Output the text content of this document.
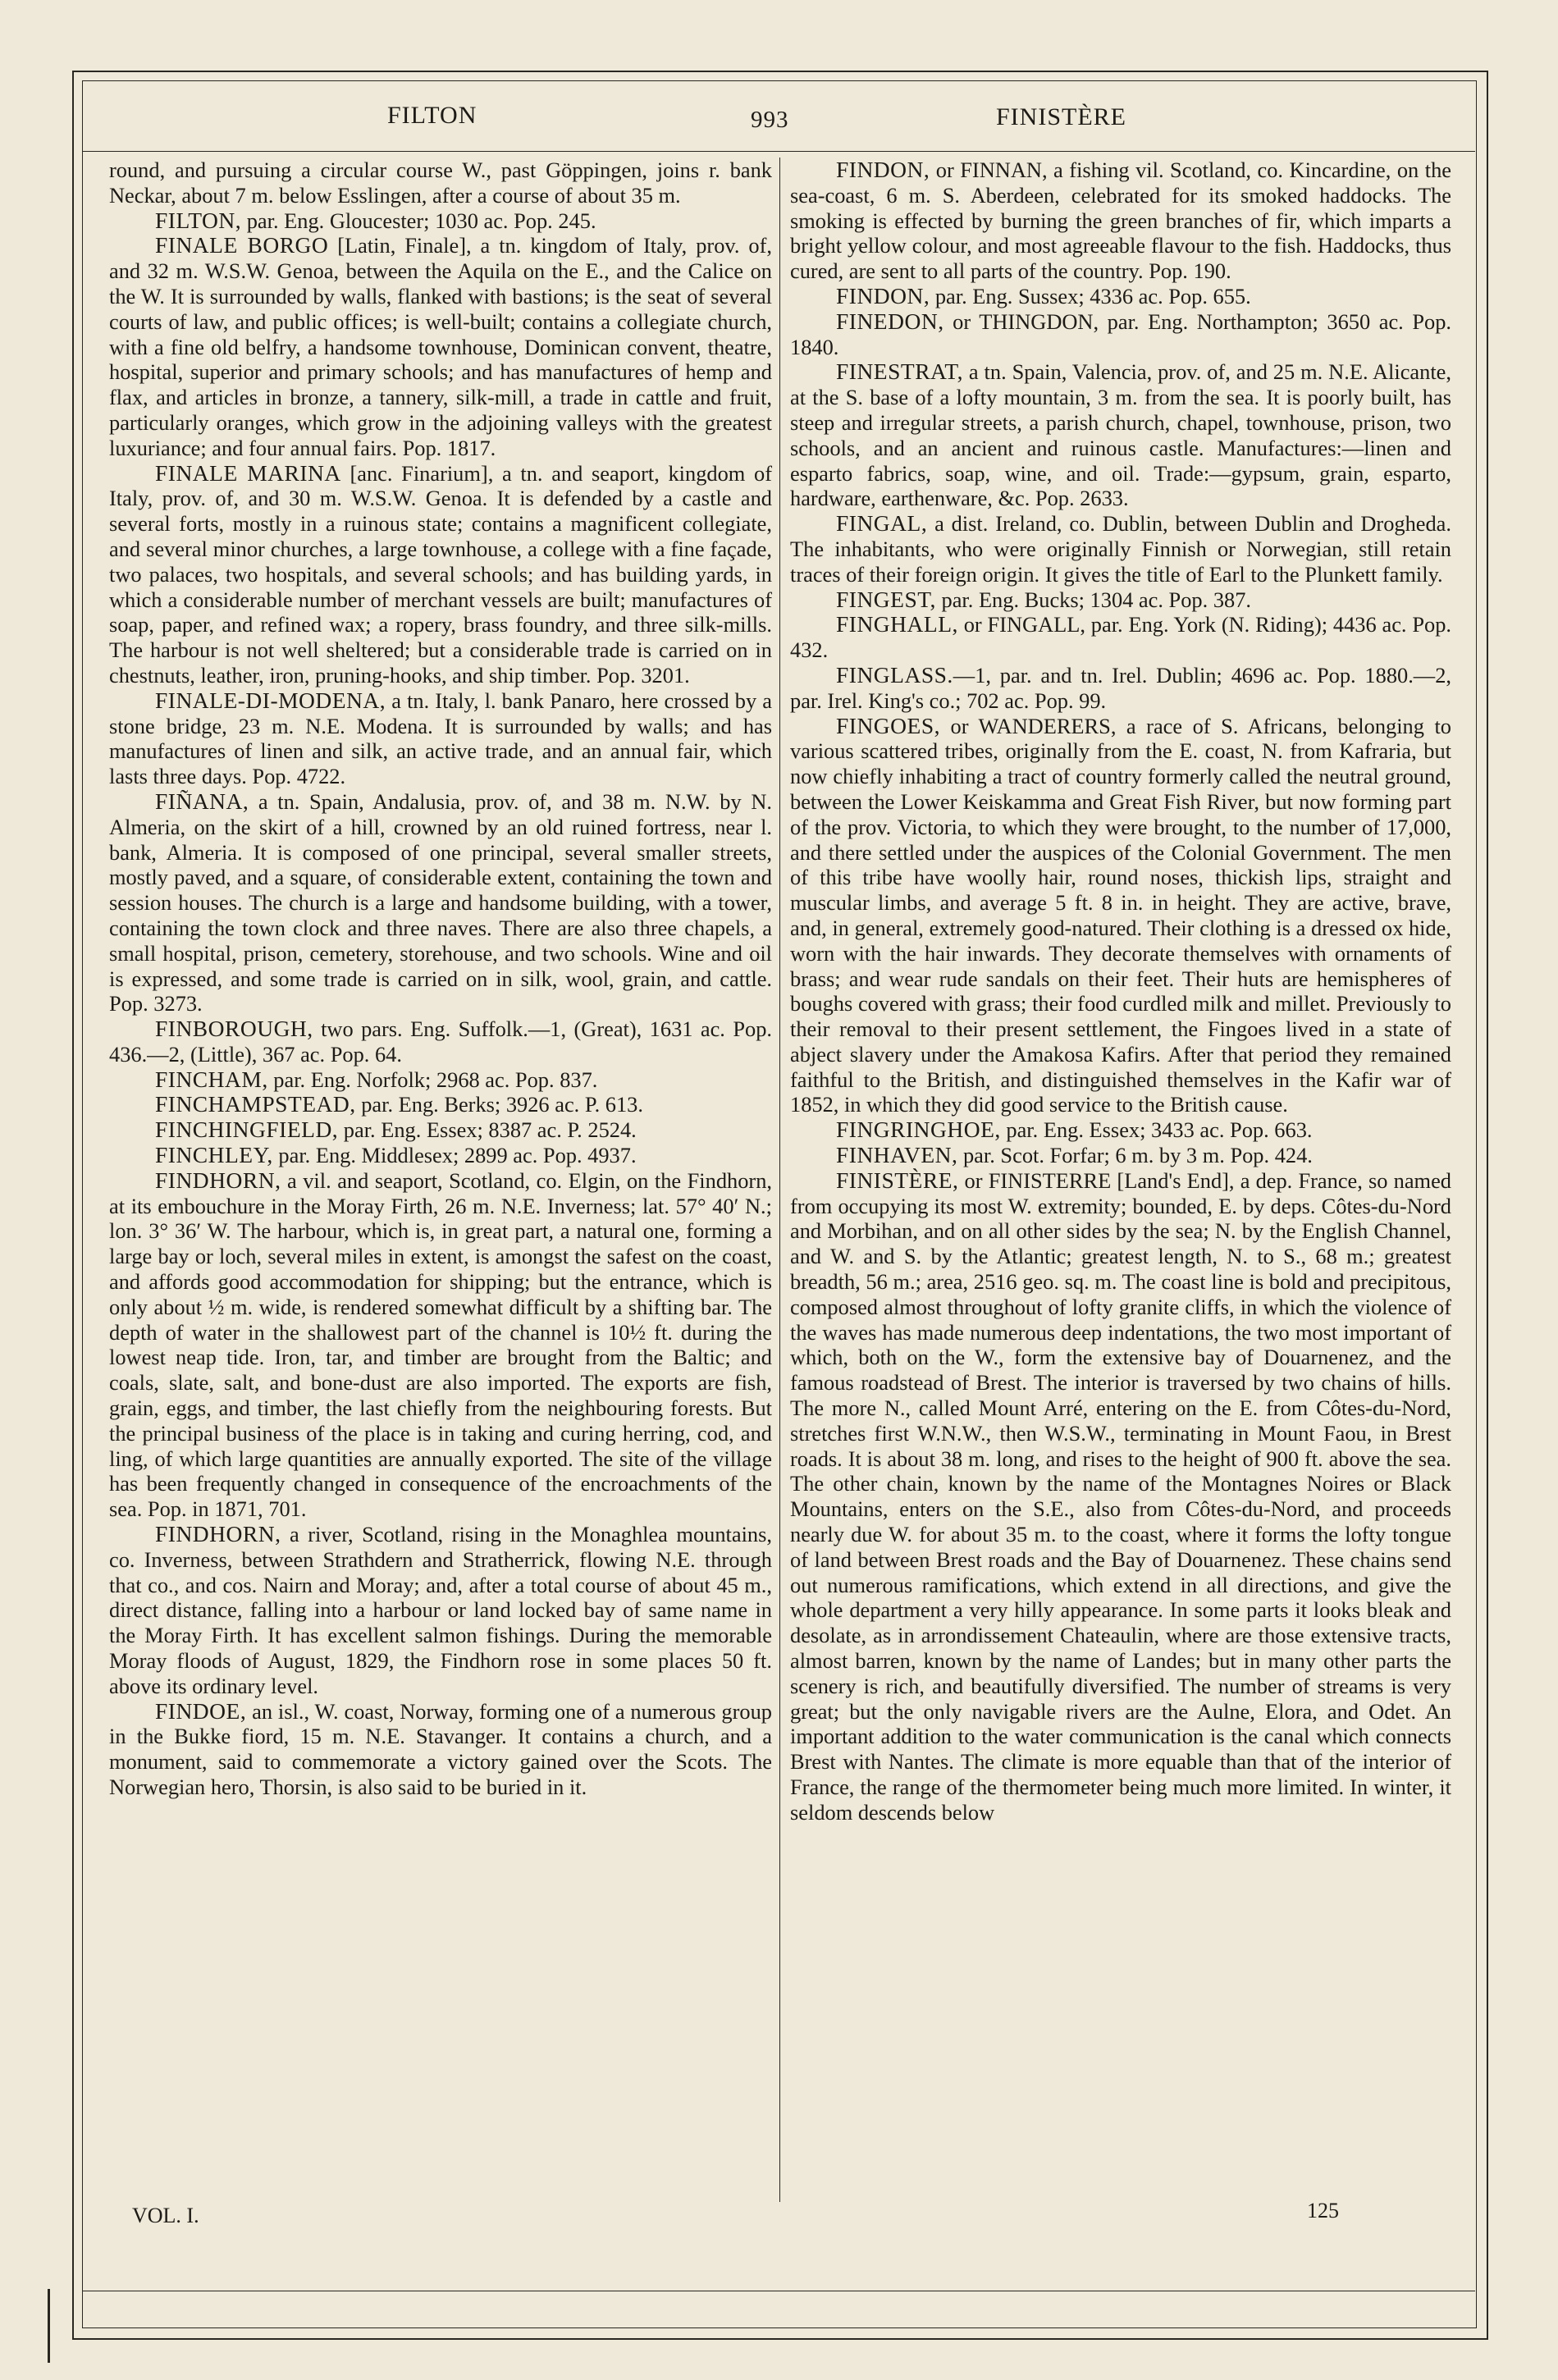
FILTON	993	FINISTÈRE

round, and pursuing a circular course W., past Göppingen, joins r. bank Neckar, about 7 m. below Esslingen, after a course of about 35 m.

FILTON, par. Eng. Gloucester; 1030 ac. Pop. 245.

FINALE BORGO [Latin, Finale], a tn. kingdom of Italy, prov. of, and 32 m. W.S.W. Genoa, between the Aquila on the E., and the Calice on the W. It is surrounded by walls, flanked with bastions; is the seat of several courts of law, and public offices; is well-built; contains a collegiate church, with a fine old belfry, a handsome townhouse, Dominican convent, theatre, hospital, superior and primary schools; and has manufactures of hemp and flax, and articles in bronze, a tannery, silk-mill, a trade in cattle and fruit, particularly oranges, which grow in the adjoining valleys with the greatest luxuriance; and four annual fairs. Pop. 1817.

FINALE MARINA [anc. Finarium], a tn. and seaport, kingdom of Italy, prov. of, and 30 m. W.S.W. Genoa. It is defended by a castle and several forts, mostly in a ruinous state; contains a magnificent collegiate, and several minor churches, a large townhouse, a college with a fine façade, two palaces, two hospitals, and several schools; and has building yards, in which a considerable number of merchant vessels are built; manufactures of soap, paper, and refined wax; a ropery, brass foundry, and three silk-mills. The harbour is not well sheltered; but a considerable trade is carried on in chestnuts, leather, iron, pruning-hooks, and ship timber. Pop. 3201.

FINALE-DI-MODENA, a tn. Italy, l. bank Panaro, here crossed by a stone bridge, 23 m. N.E. Modena. It is surrounded by walls; and has manufactures of linen and silk, an active trade, and an annual fair, which lasts three days. Pop. 4722.

FIÑANA, a tn. Spain, Andalusia, prov. of, and 38 m. N.W. by N. Almeria, on the skirt of a hill, crowned by an old ruined fortress, near l. bank, Almeria. It is composed of one principal, several smaller streets, mostly paved, and a square, of considerable extent, containing the town and session houses. The church is a large and handsome building, with a tower, containing the town clock and three naves. There are also three chapels, a small hospital, prison, cemetery, storehouse, and two schools. Wine and oil is expressed, and some trade is carried on in silk, wool, grain, and cattle. Pop. 3273.

FINBOROUGH, two pars. Eng. Suffolk.—1, (Great), 1631 ac. Pop. 436.—2, (Little), 367 ac. Pop. 64.

FINCHAM, par. Eng. Norfolk; 2968 ac. Pop. 837.

FINCHAMPSTEAD, par. Eng. Berks; 3926 ac. P. 613.

FINCHINGFIELD, par. Eng. Essex; 8387 ac. P. 2524.

FINCHLEY, par. Eng. Middlesex; 2899 ac. Pop. 4937.

FINDHORN, a vil. and seaport, Scotland, co. Elgin, on the Findhorn, at its embouchure in the Moray Firth, 26 m. N.E. Inverness; lat. 57° 40′ N.; lon. 3° 36′ W. The harbour, which is, in great part, a natural one, forming a large bay or loch, several miles in extent, is amongst the safest on the coast, and affords good accommodation for shipping; but the entrance, which is only about ½ m. wide, is rendered somewhat difficult by a shifting bar. The depth of water in the shallowest part of the channel is 10½ ft. during the lowest neap tide. Iron, tar, and timber are brought from the Baltic; and coals, slate, salt, and bone-dust are also imported. The exports are fish, grain, eggs, and timber, the last chiefly from the neighbouring forests. But the principal business of the place is in taking and curing herring, cod, and ling, of which large quantities are annually exported. The site of the village has been frequently changed in consequence of the encroachments of the sea. Pop. in 1871, 701.

FINDHORN, a river, Scotland, rising in the Monaghlea mountains, co. Inverness, between Strathdern and Stratherrick, flowing N.E. through that co., and cos. Nairn and Moray; and, after a total course of about 45 m., direct distance, falling into a harbour or land locked bay of same name in the Moray Firth. It has excellent salmon fishings. During the memorable Moray floods of August, 1829, the Findhorn rose in some places 50 ft. above its ordinary level.

FINDOE, an isl., W. coast, Norway, forming one of a numerous group in the Bukke fiord, 15 m. N.E. Stavanger. It contains a church, and a monument, said to commemorate a victory gained over the Scots. The Norwegian hero, Thorsin, is also said to be buried in it.

FINDON, or FINNAN, a fishing vil. Scotland, co. Kincardine, on the sea-coast, 6 m. S. Aberdeen, celebrated for its smoked haddocks. The smoking is effected by burning the green branches of fir, which imparts a bright yellow colour, and most agreeable flavour to the fish. Haddocks, thus cured, are sent to all parts of the country. Pop. 190.

FINDON, par. Eng. Sussex; 4336 ac. Pop. 655.

FINEDON, or THINGDON, par. Eng. Northampton; 3650 ac. Pop. 1840.

FINESTRAT, a tn. Spain, Valencia, prov. of, and 25 m. N.E. Alicante, at the S. base of a lofty mountain, 3 m. from the sea. It is poorly built, has steep and irregular streets, a parish church, chapel, townhouse, prison, two schools, and an ancient and ruinous castle. Manufactures:—linen and esparto fabrics, soap, wine, and oil. Trade:—gypsum, grain, esparto, hardware, earthenware, &c. Pop. 2633.

FINGAL, a dist. Ireland, co. Dublin, between Dublin and Drogheda. The inhabitants, who were originally Finnish or Norwegian, still retain traces of their foreign origin. It gives the title of Earl to the Plunkett family.

FINGEST, par. Eng. Bucks; 1304 ac. Pop. 387.

FINGHALL, or FINGALL, par. Eng. York (N. Riding); 4436 ac. Pop. 432.

FINGLASS.—1, par. and tn. Irel. Dublin; 4696 ac. Pop. 1880.—2, par. Irel. King's co.; 702 ac. Pop. 99.

FINGOES, or WANDERERS, a race of S. Africans, belonging to various scattered tribes, originally from the E. coast, N. from Kafraria, but now chiefly inhabiting a tract of country formerly called the neutral ground, between the Lower Keiskamma and Great Fish River, but now forming part of the prov. Victoria, to which they were brought, to the number of 17,000, and there settled under the auspices of the Colonial Government. The men of this tribe have woolly hair, round noses, thickish lips, straight and muscular limbs, and average 5 ft. 8 in. in height. They are active, brave, and, in general, extremely good-natured. Their clothing is a dressed ox hide, worn with the hair inwards. They decorate themselves with ornaments of brass; and wear rude sandals on their feet. Their huts are hemispheres of boughs covered with grass; their food curdled milk and millet. Previously to their removal to their present settlement, the Fingoes lived in a state of abject slavery under the Amakosa Kafirs. After that period they remained faithful to the British, and distinguished themselves in the Kafir war of 1852, in which they did good service to the British cause.

FINGRINGHOE, par. Eng. Essex; 3433 ac. Pop. 663.

FINHAVEN, par. Scot. Forfar; 6 m. by 3 m. Pop. 424.

FINISTÈRE, or FINISTERRE [Land's End], a dep. France, so named from occupying its most W. extremity; bounded, E. by deps. Côtes-du-Nord and Morbihan, and on all other sides by the sea; N. by the English Channel, and W. and S. by the Atlantic; greatest length, N. to S., 68 m.; greatest breadth, 56 m.; area, 2516 geo. sq. m. The coast line is bold and precipitous, composed almost throughout of lofty granite cliffs, in which the violence of the waves has made numerous deep indentations, the two most important of which, both on the W., form the extensive bay of Douarnenez, and the famous roadstead of Brest. The interior is traversed by two chains of hills. The more N., called Mount Arré, entering on the E. from Côtes-du-Nord, stretches first W.N.W., then W.S.W., terminating in Mount Faou, in Brest roads. It is about 38 m. long, and rises to the height of 900 ft. above the sea. The other chain, known by the name of the Montagnes Noires or Black Mountains, enters on the S.E., also from Côtes-du-Nord, and proceeds nearly due W. for about 35 m. to the coast, where it forms the lofty tongue of land between Brest roads and the Bay of Douarnenez. These chains send out numerous ramifications, which extend in all directions, and give the whole department a very hilly appearance. In some parts it looks bleak and desolate, as in arrondissement Chateaulin, where are those extensive tracts, almost barren, known by the name of Landes; but in many other parts the scenery is rich, and beautifully diversified. The number of streams is very great; but the only navigable rivers are the Aulne, Elora, and Odet. An important addition to the water communication is the canal which connects Brest with Nantes. The climate is more equable than that of the interior of France, the range of the thermometer being much more limited. In winter, it seldom descends below

VOL. I.	125
